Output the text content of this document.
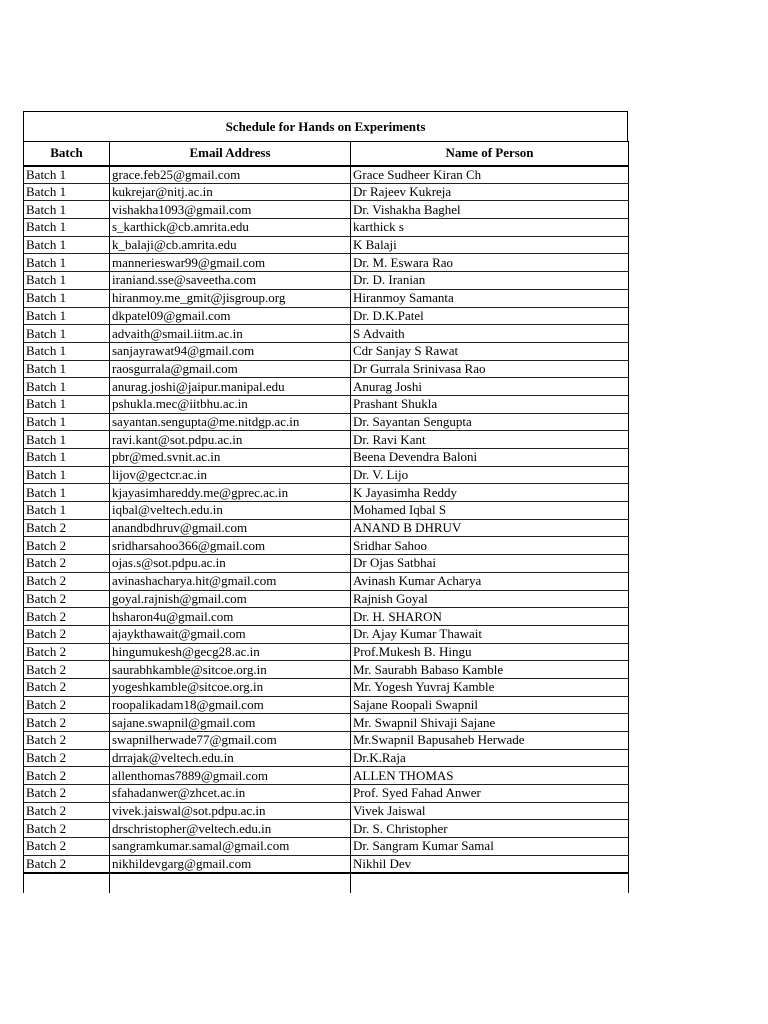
Schedule for Hands on Experiments
Batch	Email Address	Name of Person
Batch 1	grace.feb25@gmail.com	Grace Sudheer Kiran Ch
Batch 1	kukrejar@nitj.ac.in	Dr Rajeev Kukreja
Batch 1	vishakha1093@gmail.com	Dr. Vishakha Baghel
Batch 1	s_karthick@cb.amrita.edu	karthick s
Batch 1	k_balaji@cb.amrita.edu	K Balaji
Batch 1	mannerieswar99@gmail.com	Dr. M. Eswara Rao
Batch 1	iraniand.sse@saveetha.com	Dr. D. Iranian
Batch 1	hiranmoy.me_gmit@jisgroup.org	Hiranmoy Samanta
Batch 1	dkpatel09@gmail.com	Dr. D.K.Patel
Batch 1	advaith@smail.iitm.ac.in	S Advaith
Batch 1	sanjayrawat94@gmail.com	Cdr Sanjay S Rawat
Batch 1	raosgurrala@gmail.com	Dr Gurrala Srinivasa Rao
Batch 1	anurag.joshi@jaipur.manipal.edu	Anurag Joshi
Batch 1	pshukla.mec@iitbhu.ac.in	Prashant Shukla
Batch 1	sayantan.sengupta@me.nitdgp.ac.in	Dr. Sayantan Sengupta
Batch 1	ravi.kant@sot.pdpu.ac.in	Dr. Ravi Kant
Batch 1	pbr@med.svnit.ac.in	Beena Devendra Baloni
Batch 1	lijov@gectcr.ac.in	Dr. V. Lijo
Batch 1	kjayasimhareddy.me@gprec.ac.in	K Jayasimha Reddy
Batch 1	iqbal@veltech.edu.in	Mohamed Iqbal S
Batch 2	anandbdhruv@gmail.com	ANAND B DHRUV
Batch 2	sridharsahoo366@gmail.com	Sridhar Sahoo
Batch 2	ojas.s@sot.pdpu.ac.in	Dr Ojas Satbhai
Batch 2	avinashacharya.hit@gmail.com	Avinash Kumar Acharya
Batch 2	goyal.rajnish@gmail.com	Rajnish Goyal
Batch 2	hsharon4u@gmail.com	Dr. H. SHARON
Batch 2	ajaykthawait@gmail.com	Dr. Ajay Kumar Thawait
Batch 2	hingumukesh@gecg28.ac.in	Prof.Mukesh B. Hingu
Batch 2	saurabhkamble@sitcoe.org.in	Mr. Saurabh Babaso Kamble
Batch 2	yogeshkamble@sitcoe.org.in	Mr. Yogesh Yuvraj Kamble
Batch 2	roopalikadam18@gmail.com	Sajane Roopali Swapnil
Batch 2	sajane.swapnil@gmail.com	Mr. Swapnil Shivaji Sajane
Batch 2	swapnilherwade77@gmail.com	Mr.Swapnil Bapusaheb Herwade
Batch 2	drrajak@veltech.edu.in	Dr.K.Raja
Batch 2	allenthomas7889@gmail.com	ALLEN THOMAS
Batch 2	sfahadanwer@zhcet.ac.in	Prof. Syed Fahad Anwer
Batch 2	vivek.jaiswal@sot.pdpu.ac.in	Vivek Jaiswal
Batch 2	drschristopher@veltech.edu.in	Dr. S. Christopher
Batch 2	sangramkumar.samal@gmail.com	Dr. Sangram Kumar Samal
Batch 2	nikhildevgarg@gmail.com	Nikhil Dev
